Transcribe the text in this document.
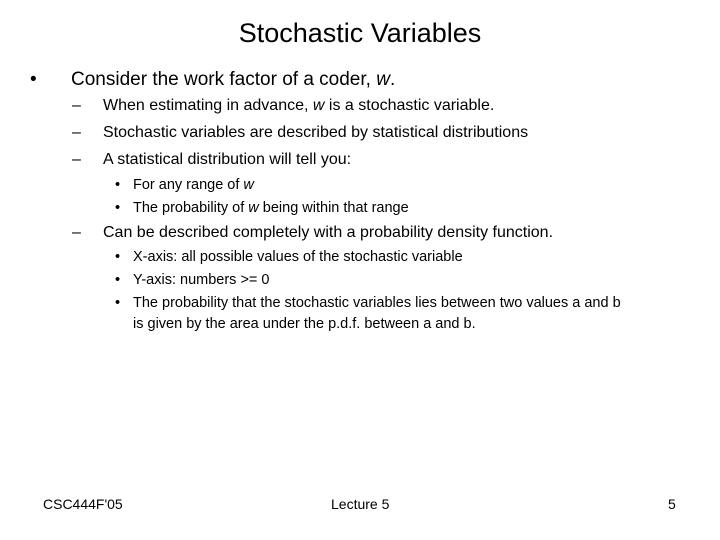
Stochastic Variables
• Consider the work factor of a coder, w.
– When estimating in advance, w is a stochastic variable.
– Stochastic variables are described by statistical distributions
– A statistical distribution will tell you:
• For any range of w
• The probability of w being within that range
– Can be described completely with a probability density function.
• X-axis: all possible values of the stochastic variable
• Y-axis: numbers >= 0
• The probability that the stochastic variables lies between two values a and b
is given by the area under the p.d.f. between a and b.
CSC444F'05	Lecture 5	5
